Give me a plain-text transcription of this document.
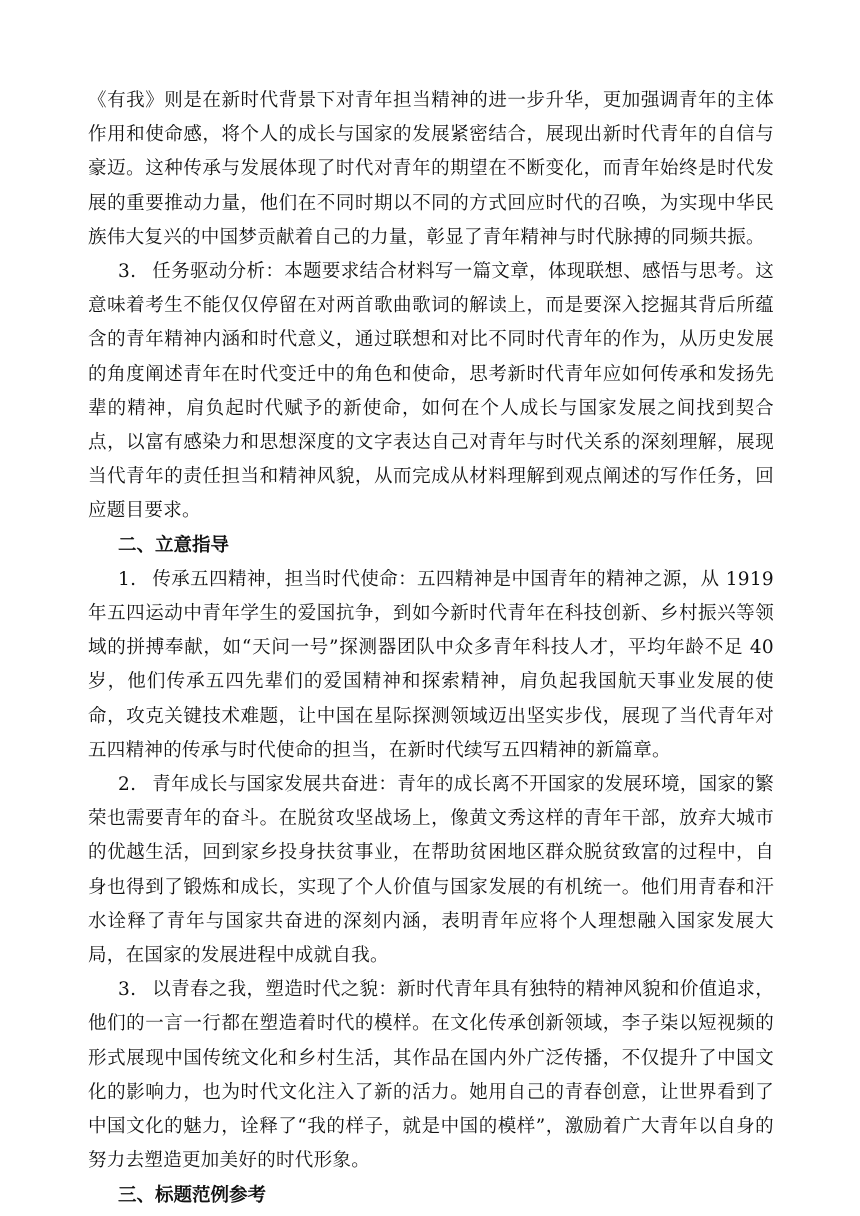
《有我》则是在新时代背景下对青年担当精神的进一步升华，更加强调青年的主体作用和使命感，将个人的成长与国家的发展紧密结合，展现出新时代青年的自信与豪迈。这种传承与发展体现了时代对青年的期望在不断变化，而青年始终是时代发展的重要推动力量，他们在不同时期以不同的方式回应时代的召唤，为实现中华民族伟大复兴的中国梦贡献着自己的力量，彰显了青年精神与时代脉搏的同频共振。

3. 任务驱动分析：本题要求结合材料写一篇文章，体现联想、感悟与思考。这意味着考生不能仅仅停留在对两首歌曲歌词的解读上，而是要深入挖掘其背后所蕴含的青年精神内涵和时代意义，通过联想和对比不同时代青年的作为，从历史发展的角度阐述青年在时代变迁中的角色和使命，思考新时代青年应如何传承和发扬先辈的精神，肩负起时代赋予的新使命，如何在个人成长与国家发展之间找到契合点，以富有感染力和思想深度的文字表达自己对青年与时代关系的深刻理解，展现当代青年的责任担当和精神风貌，从而完成从材料理解到观点阐述的写作任务，回应题目要求。

二、立意指导

1. 传承五四精神，担当时代使命：五四精神是中国青年的精神之源，从 1919 年五四运动中青年学生的爱国抗争，到如今新时代青年在科技创新、乡村振兴等领域的拼搏奉献，如“天问一号”探测器团队中众多青年科技人才，平均年龄不足 40 岁，他们传承五四先辈们的爱国精神和探索精神，肩负起我国航天事业发展的使命，攻克关键技术难题，让中国在星际探测领域迈出坚实步伐，展现了当代青年对五四精神的传承与时代使命的担当，在新时代续写五四精神的新篇章。

2. 青年成长与国家发展共奋进：青年的成长离不开国家的发展环境，国家的繁荣也需要青年的奋斗。在脱贫攻坚战场上，像黄文秀这样的青年干部，放弃大城市的优越生活，回到家乡投身扶贫事业，在帮助贫困地区群众脱贫致富的过程中，自身也得到了锻炼和成长，实现了个人价值与国家发展的有机统一。他们用青春和汗水诠释了青年与国家共奋进的深刻内涵，表明青年应将个人理想融入国家发展大局，在国家的发展进程中成就自我。

3. 以青春之我，塑造时代之貌：新时代青年具有独特的精神风貌和价值追求，他们的一言一行都在塑造着时代的模样。在文化传承创新领域，李子柒以短视频的形式展现中国传统文化和乡村生活，其作品在国内外广泛传播，不仅提升了中国文化的影响力，也为时代文化注入了新的活力。她用自己的青春创意，让世界看到了中国文化的魅力，诠释了“我的样子，就是中国的模样”，激励着广大青年以自身的努力去塑造更加美好的时代形象。

三、标题范例参考
